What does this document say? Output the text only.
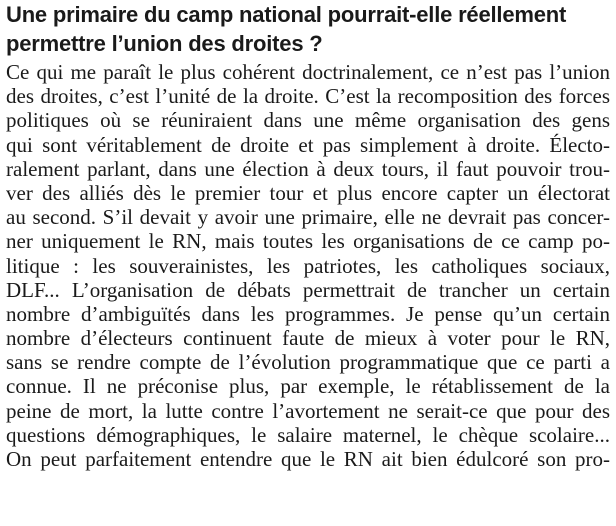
Une primaire du camp national pourrait-elle réellement
permettre l’union des droites ?
Ce qui me paraît le plus cohérent doctrinalement, ce n’est pas l’union
des droites, c’est l’unité de la droite. C’est la recomposition des forces
politiques où se réuniraient dans une même organisation des gens
qui sont véritablement de droite et pas simplement à droite. Électo-
ralement parlant, dans une élection à deux tours, il faut pouvoir trou-
ver des alliés dès le premier tour et plus encore capter un électorat
au second. S’il devait y avoir une primaire, elle ne devrait pas concer-
ner uniquement le RN, mais toutes les organisations de ce camp po-
litique : les souverainistes, les patriotes, les catholiques sociaux,
DLF... L’organisation de débats permettrait de trancher un certain
nombre d’ambiguïtés dans les programmes. Je pense qu’un certain
nombre d’électeurs continuent faute de mieux à voter pour le RN,
sans se rendre compte de l’évolution programmatique que ce parti a
connue. Il ne préconise plus, par exemple, le rétablissement de la
peine de mort, la lutte contre l’avortement ne serait-ce que pour des
questions démographiques, le salaire maternel, le chèque scolaire...
On peut parfaitement entendre que le RN ait bien édulcoré son pro-
